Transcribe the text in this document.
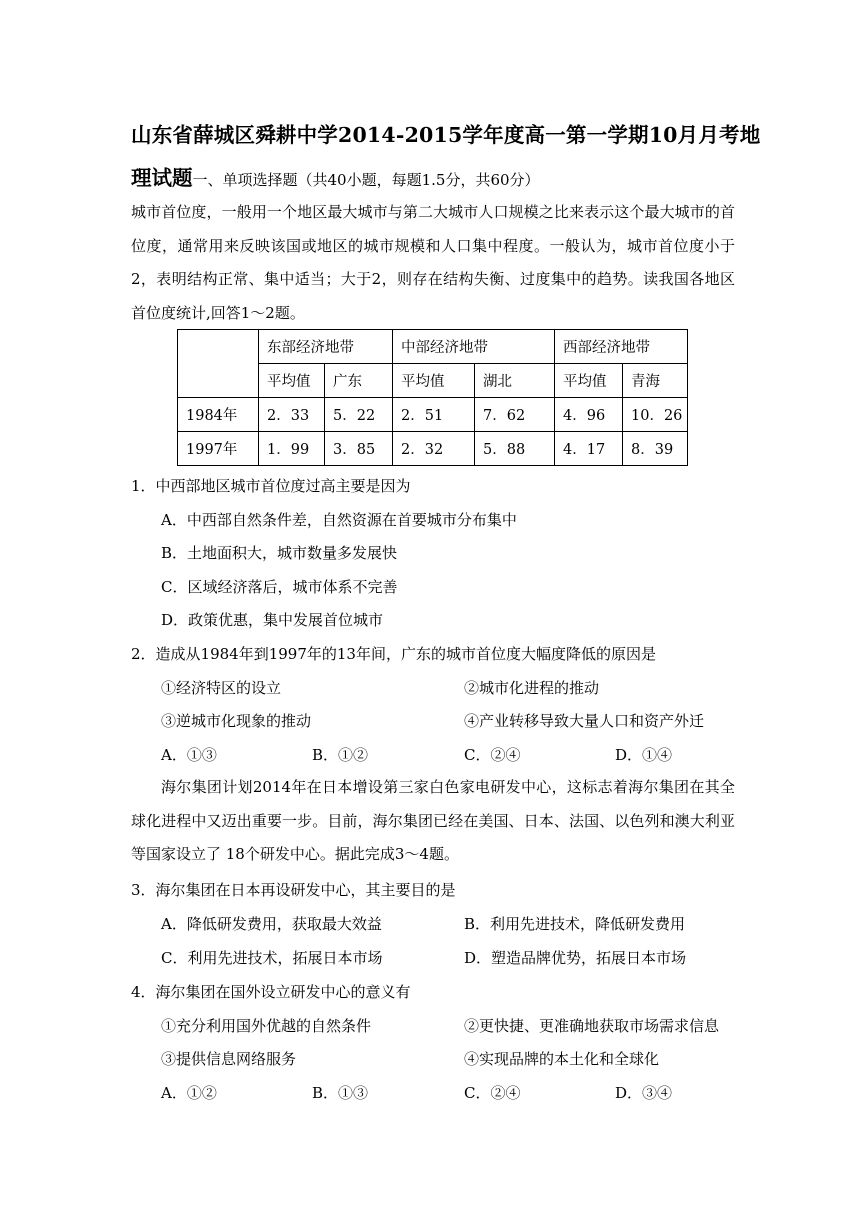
山东省薛城区舜耕中学2014-2015学年度高一第一学期10月月考地
理试题一、单项选择题（共40小题，每题1.5分，共60分）
城市首位度，一般用一个地区最大城市与第二大城市人口规模之比来表示这个最大城市的首位度，通常用来反映该国或地区的城市规模和人口集中程度。一般认为，城市首位度小于2，表明结构正常、集中适当；大于2，则存在结构失衡、过度集中的趋势。读我国各地区首位度统计,回答1～2题。
	东部经济地带		中部经济地带		西部经济地带	
	平均值	广东	平均值	湖北	平均值	青海
1984年	2．33	5．22	2．51	7．62	4．96	10．26
1997年	1．99	3．85	2．32	5．88	4．17	8．39
1．中西部地区城市首位度过高主要是因为
A．中西部自然条件差，自然资源在首要城市分布集中
B．土地面积大，城市数量多发展快
C．区域经济落后，城市体系不完善
D．政策优惠，集中发展首位城市
2．造成从1984年到1997年的13年间，广东的城市首位度大幅度降低的原因是
①经济特区的设立	②城市化进程的推动
③逆城市化现象的推动	④产业转移导致大量人口和资产外迁
A．①③	B．①②	C．②④	D．①④
海尔集团计划2014年在日本增设第三家白色家电研发中心，这标志着海尔集团在其全球化进程中又迈出重要一步。目前，海尔集团已经在美国、日本、法国、以色列和澳大利亚等国家设立了 18个研发中心。据此完成3～4题。
3．海尔集团在日本再设研发中心，其主要目的是
A．降低研发费用，获取最大效益	B．利用先进技术，降低研发费用
C．利用先进技术，拓展日本市场	D．塑造品牌优势，拓展日本市场
4．海尔集团在国外设立研发中心的意义有
①充分利用国外优越的自然条件	②更快捷、更准确地获取市场需求信息
③提供信息网络服务	④实现品牌的本土化和全球化
A．①②	B．①③	C．②④	D．③④
